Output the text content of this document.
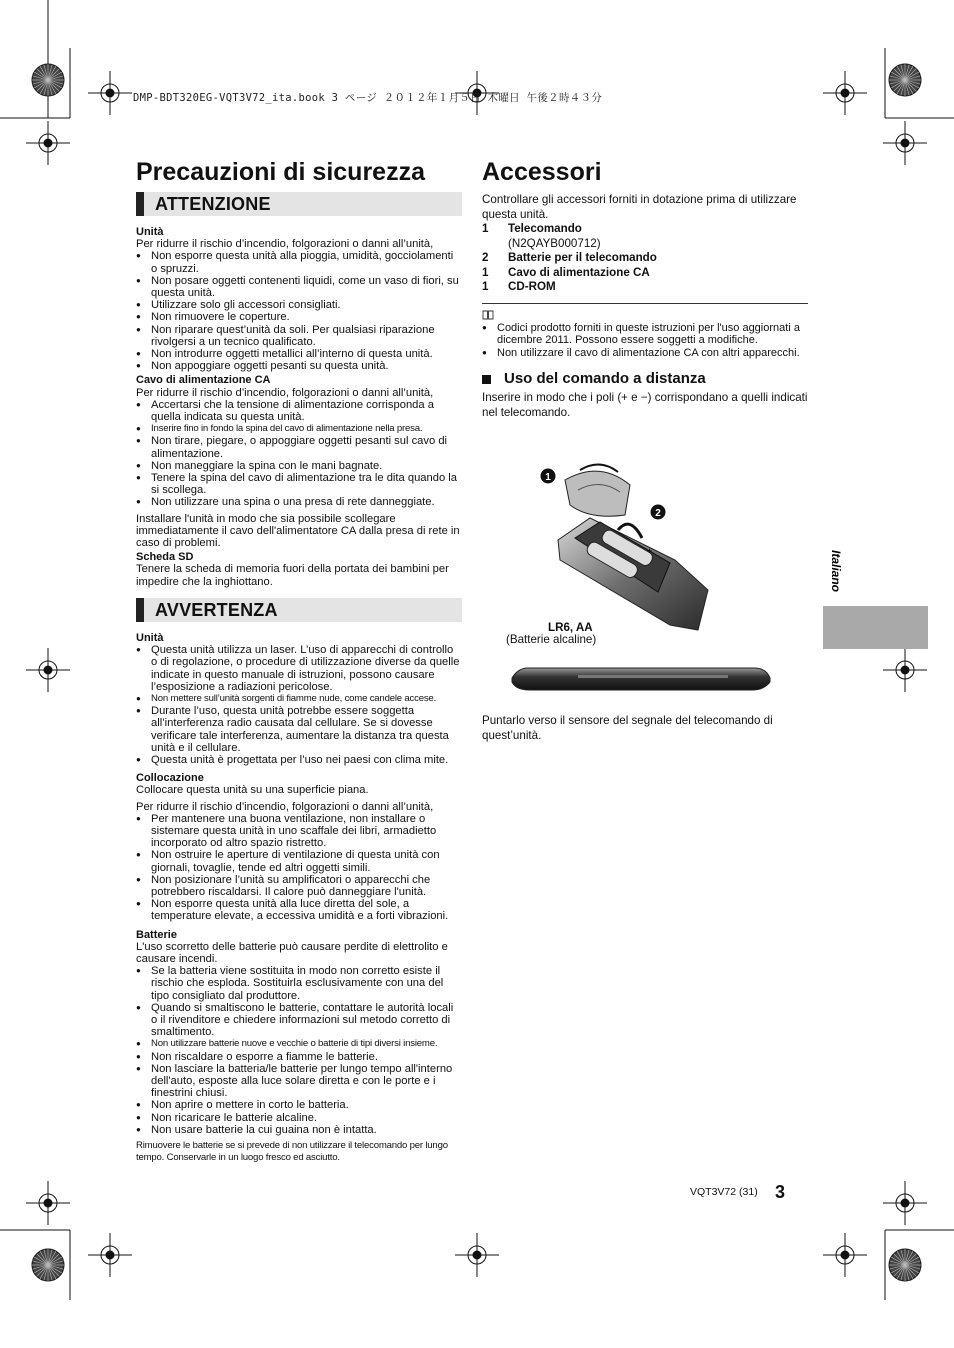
DMP-BDT320EG-VQT3V72_ita.book 3 ページ ２０１２年１月５日 木曜日 午後２時４３分
Precauzioni di sicurezza
ATTENZIONE
Unità

Per ridurre il rischio d’incendio, folgorazioni o danni all’unità,

● Non esporre questa unità alla pioggia, umidità, gocciolamenti o spruzzi.
● Non posare oggetti contenenti liquidi, come un vaso di fiori, su questa unità.
● Utilizzare solo gli accessori consigliati.
● Non rimuovere le coperture.
● Non riparare quest’unità da soli. Per qualsiasi riparazione rivolgersi a un tecnico qualificato.
● Non introdurre oggetti metallici all’interno di questa unità.
● Non appoggiare oggetti pesanti su questa unità.
Cavo di alimentazione CA

Per ridurre il rischio d’incendio, folgorazioni o danni all’unità,

● Accertarsi che la tensione di alimentazione corrisponda a quella indicata su questa unità.
● Inserire fino in fondo la spina del cavo di alimentazione nella presa.
● Non tirare, piegare, o appoggiare oggetti pesanti sul cavo di alimentazione.
● Non maneggiare la spina con le mani bagnate.
● Tenere la spina del cavo di alimentazione tra le dita quando la si scollega.
● Non utilizzare una spina o una presa di rete danneggiate.

Installare l'unità in modo che sia possibile scollegare immediatamente il cavo dell'alimentatore CA dalla presa di rete in caso di problemi.

Scheda SD

Tenere la scheda di memoria fuori della portata dei bambini per impedire che la inghiottano.

AVVERTENZA
Unità
● Questa unità utilizza un laser. L’uso di apparecchi di controllo o di regolazione, o procedure di utilizzazione diverse da quelle indicate in questo manuale di istruzioni, possono causare l’esposizione a radiazioni pericolose.
● Non mettere sull’unità sorgenti di fiamme nude, come candele accese.
● Durante l’uso, questa unità potrebbe essere soggetta all’interferenza radio causata dal cellulare. Se si dovesse verificare tale interferenza, aumentare la distanza tra questa unità e il cellulare.
● Questa unità è progettata per l’uso nei paesi con clima mite.
Collocazione

Collocare questa unità su una superficie piana.

Per ridurre il rischio d’incendio, folgorazioni o danni all’unità,

● Per mantenere una buona ventilazione, non installare o sistemare questa unità in uno scaffale dei libri, armadietto incorporato od altro spazio ristretto.
● Non ostruire le aperture di ventilazione di questa unità con giornali, tovaglie, tende ed altri oggetti simili.
● Non posizionare l’unità su amplificatori o apparecchi che potrebbero riscaldarsi. Il calore può danneggiare l'unità.
● Non esporre questa unità alla luce diretta del sole, a temperature elevate, a eccessiva umidità e a forti vibrazioni.
Batterie

L'uso scorretto delle batterie può causare perdite di elettrolito e causare incendi.

● Se la batteria viene sostituita in modo non corretto esiste il rischio che esploda. Sostituirla esclusivamente con una del tipo consigliato dal produttore.
● Quando si smaltiscono le batterie, contattare le autorità locali o il rivenditore e chiedere informazioni sul metodo corretto di smaltimento.
● Non utilizzare batterie nuove e vecchie o batterie di tipi diversi insieme.
● Non riscaldare o esporre a fiamme le batterie.
● Non lasciare la batteria/le batterie per lungo tempo all'interno dell'auto, esposte alla luce solare diretta e con le porte e i finestrini chiusi.
● Non aprire o mettere in corto le batteria.
● Non ricaricare le batterie alcaline.
● Non usare batterie la cui guaina non è intatta.

Rimuovere le batterie se si prevede di non utilizzare il telecomando per lungo tempo. Conservarle in un luogo fresco ed asciutto.

Accessori

Controllare gli accessori forniti in dotazione prima di utilizzare questa unità.

1	Telecomando
(N2QAYB000712)
2	Batterie per il telecomando
1	Cavo di alimentazione CA
1	CD-ROM
● Codici prodotto forniti in queste istruzioni per l'uso aggiornati a dicembre 2011. Possono essere soggetti a modifiche.
● Non utilizzare il cavo di alimentazione CA con altri apparecchi.
Uso del comando a distanza

Inserire in modo che i poli (+ e −) corrispondano a quelli indicati nel telecomando.

1
2
+
LR6, AA
(Batterie alcaline)
Puntarlo verso il sensore del segnale del telecomando di quest’unità.
Italiano
VQT3V72 (31) 3
